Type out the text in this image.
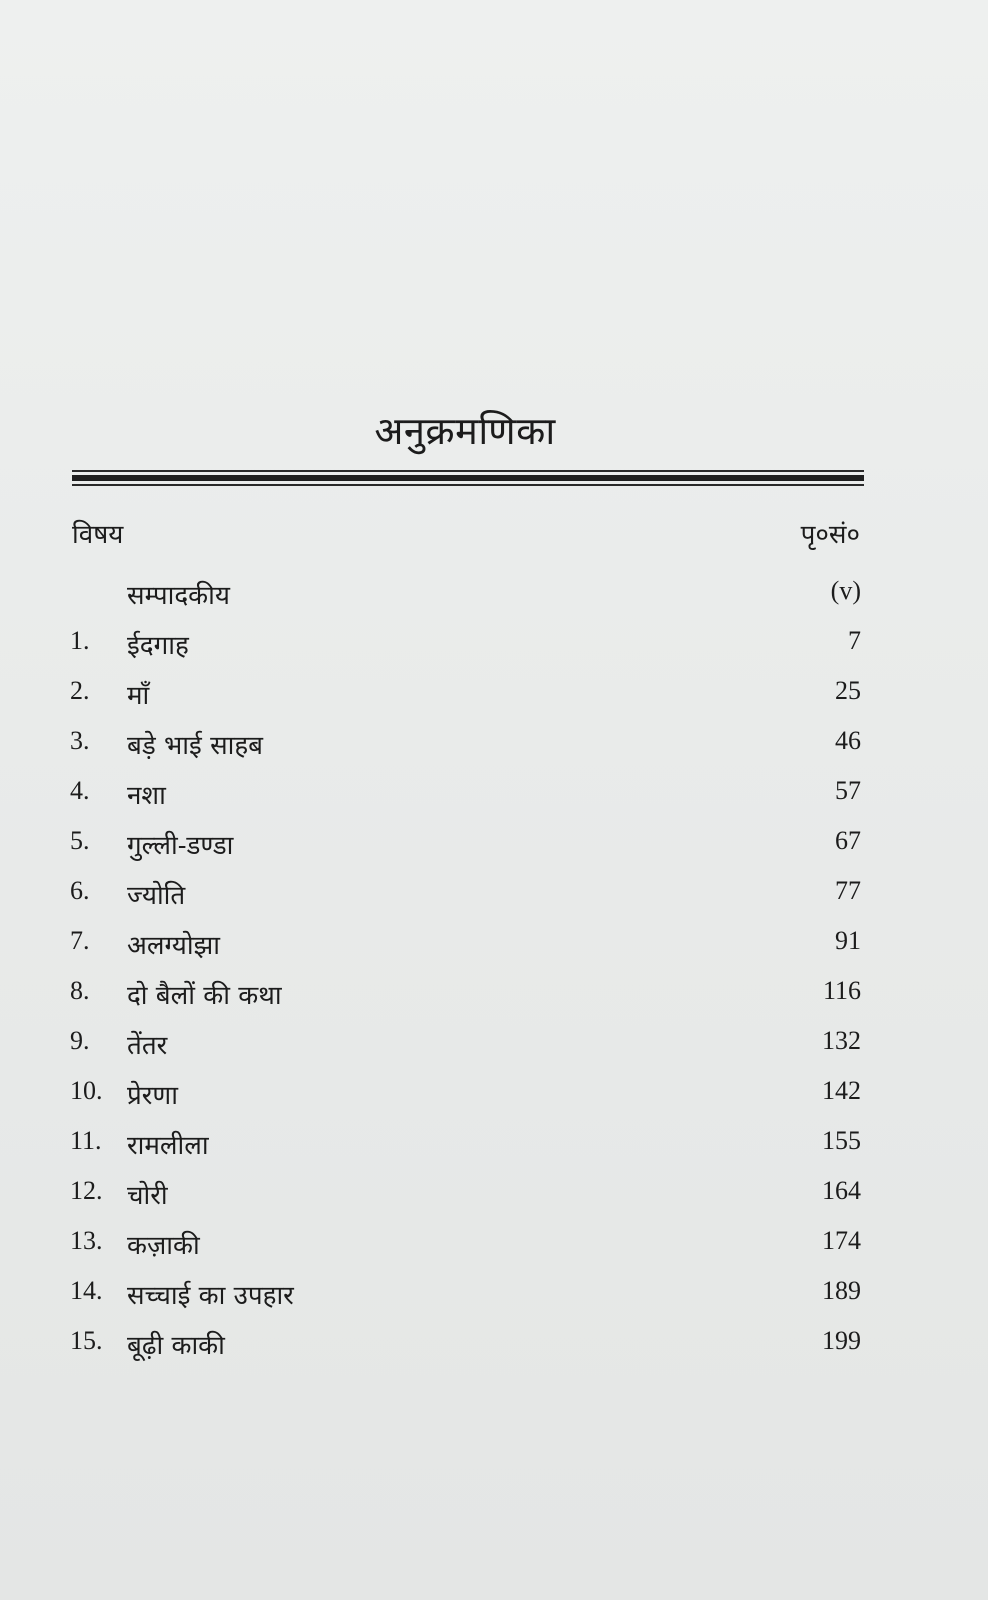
अनुक्रमणिका
विषय	पृ०सं०
सम्पादकीय	(v)
1. ईदगाह	7
2. माँ	25
3. बड़े भाई साहब	46
4. नशा	57
5. गुल्ली-डण्डा	67
6. ज्योति	77
7. अलग्योझा	91
8. दो बैलों की कथा	116
9. तेंतर	132
10. प्रेरणा	142
11. रामलीला	155
12. चोरी	164
13. कज़ाकी	174
14. सच्चाई का उपहार	189
15. बूढ़ी काकी	199
